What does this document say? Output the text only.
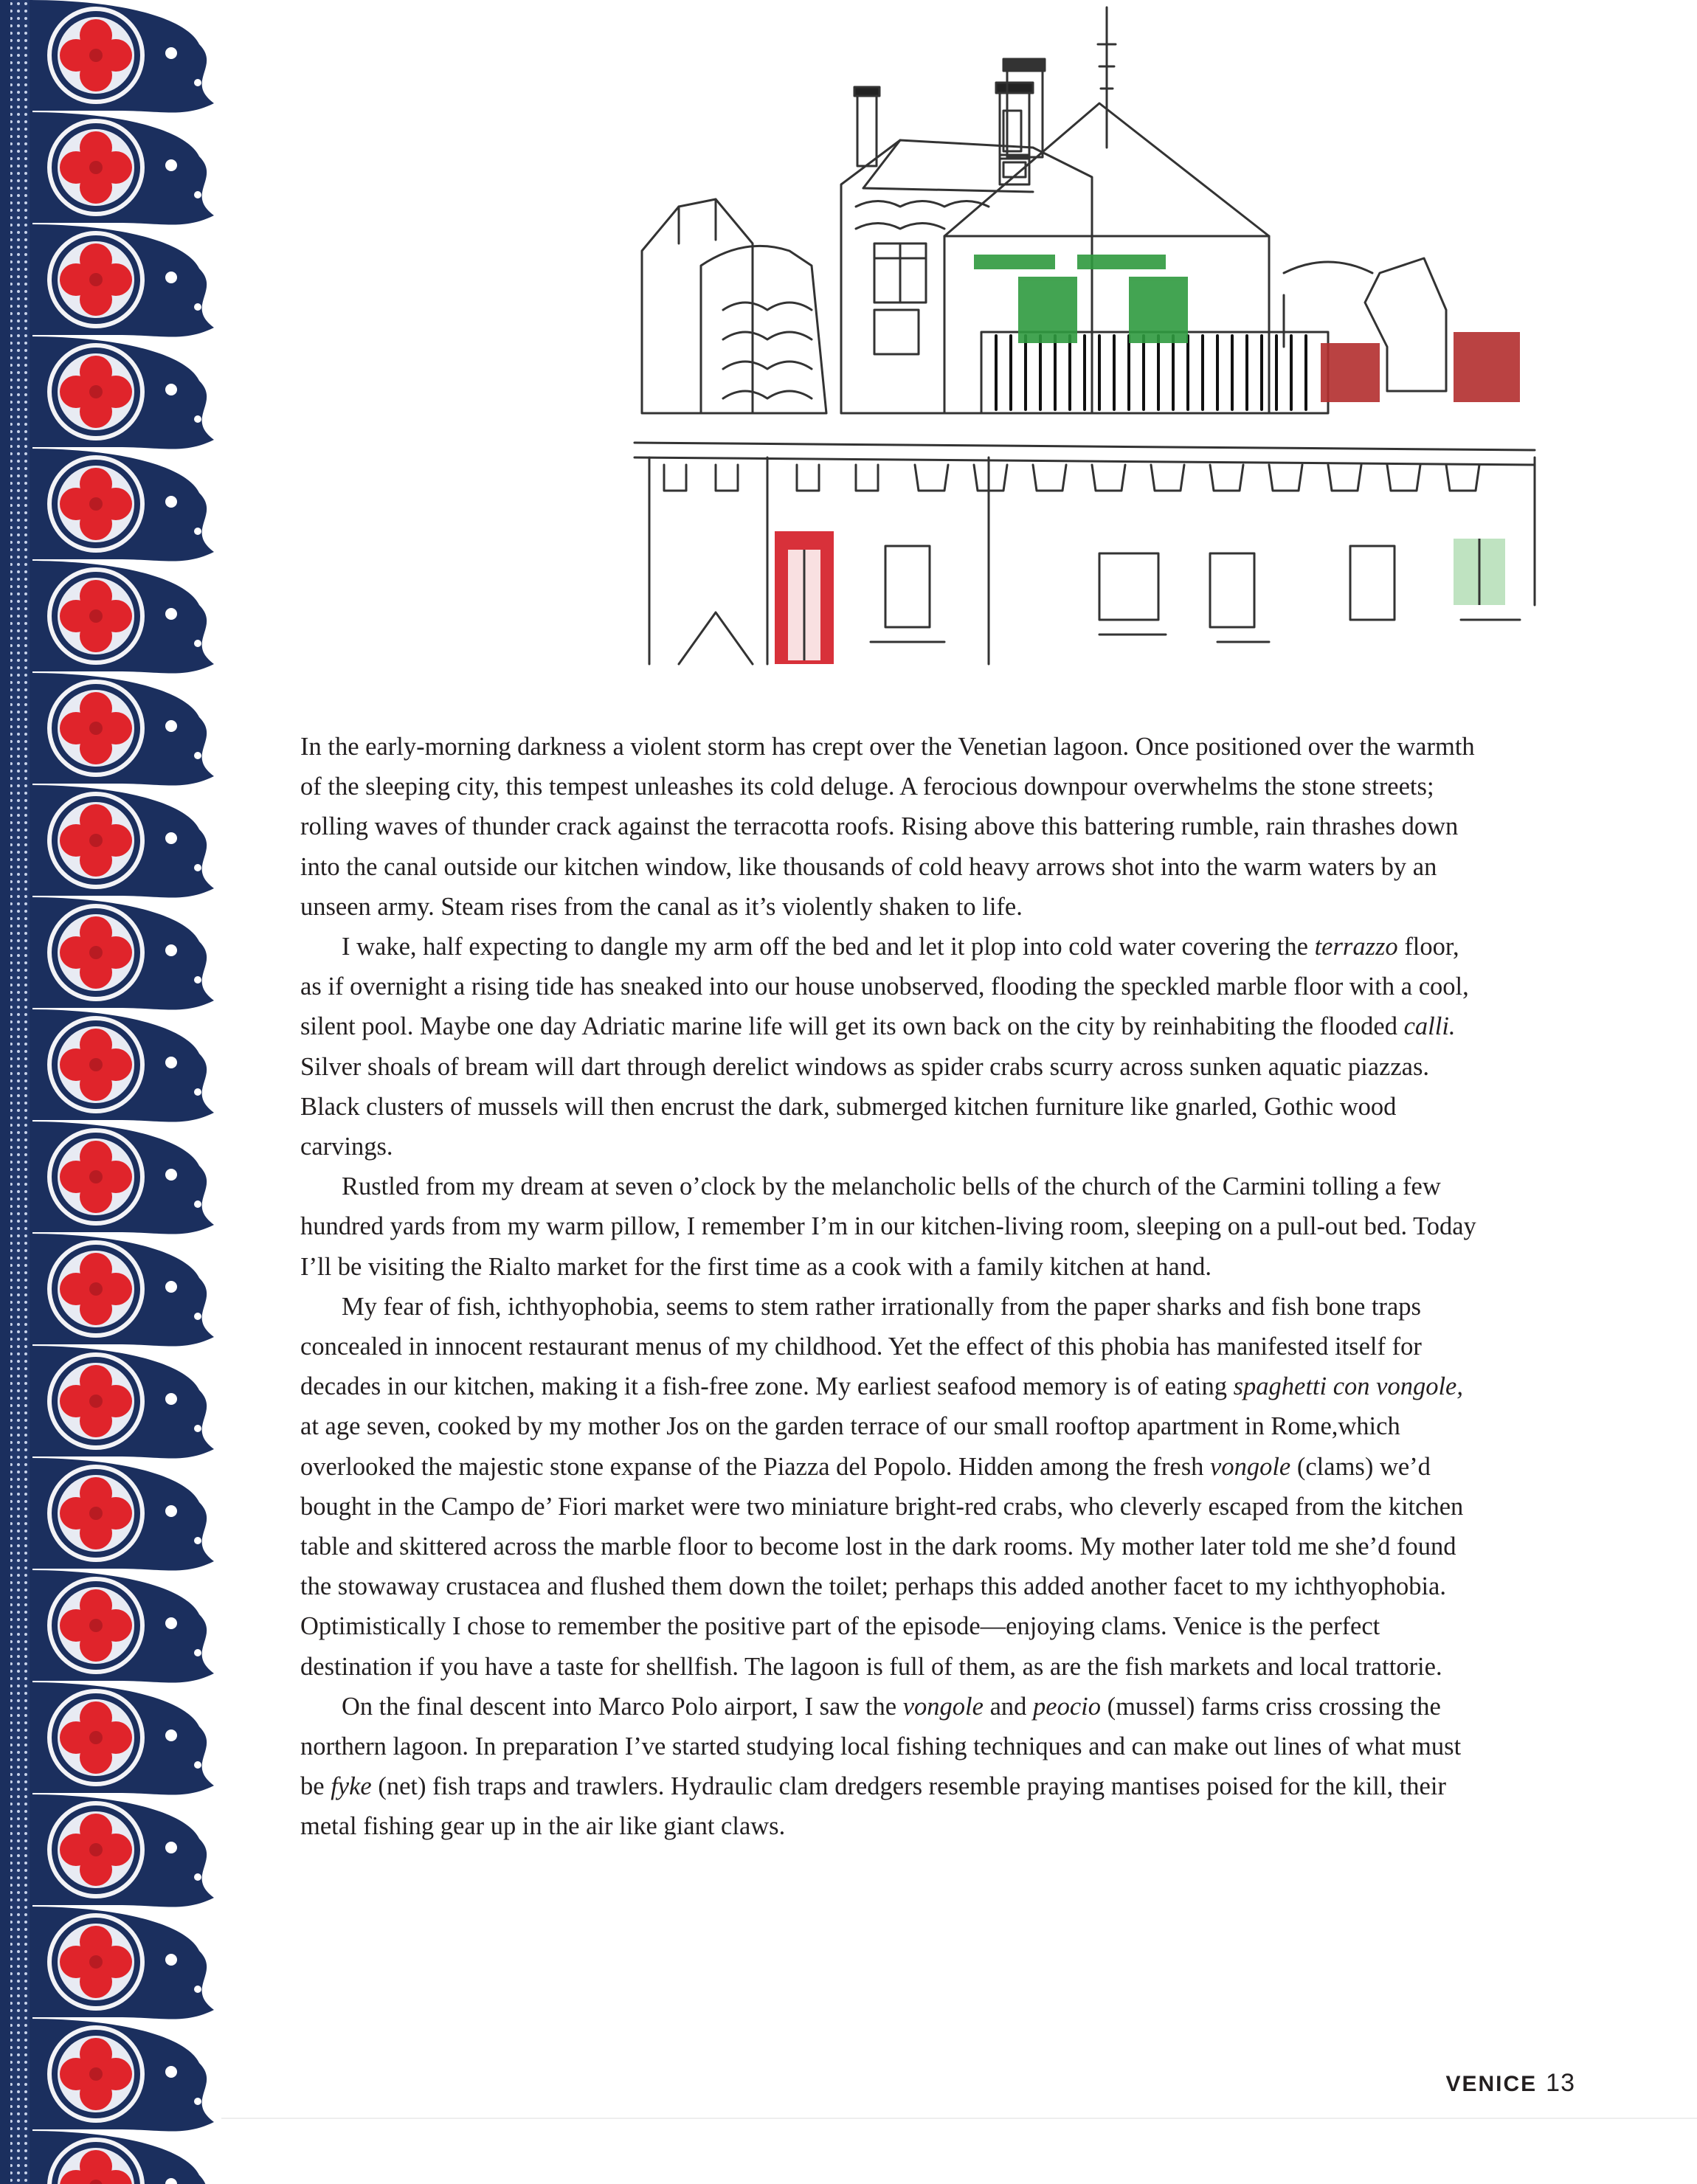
In the early-morning darkness a violent storm has crept over the Venetian lagoon. Once positioned over the warmth of the sleeping city, this tempest unleashes its cold deluge. A ferocious downpour overwhelms the stone streets; rolling waves of thunder crack against the terracotta roofs. Rising above this battering rumble, rain thrashes down into the canal outside our kitchen window, like thousands of cold heavy arrows shot into the warm waters by an unseen army. Steam rises from the canal as it’s violently shaken to life.

I wake, half expecting to dangle my arm off the bed and let it plop into cold water covering the terrazzo floor, as if overnight a rising tide has sneaked into our house unobserved, flooding the speckled marble floor with a cool, silent pool. Maybe one day Adriatic marine life will get its own back on the city by reinhabiting the flooded calli. Silver shoals of bream will dart through derelict windows as spider crabs scurry across sunken aquatic piazzas. Black clusters of mussels will then encrust the dark, submerged kitchen furniture like gnarled, Gothic wood carvings.

Rustled from my dream at seven o’clock by the melancholic bells of the church of the Carmini tolling a few hundred yards from my warm pillow, I remember I’m in our kitchen-living room, sleeping on a pull-out bed. Today I’ll be visiting the Rialto market for the first time as a cook with a family kitchen at hand.

My fear of fish, ichthyophobia, seems to stem rather irrationally from the paper sharks and fish bone traps concealed in innocent restaurant menus of my childhood. Yet the effect of this phobia has manifested itself for decades in our kitchen, making it a fish-free zone. My earliest seafood memory is of eating spaghetti con vongole, at age seven, cooked by my mother Jos on the garden terrace of our small rooftop apartment in Rome,which overlooked the majestic stone expanse of the Piazza del Popolo. Hidden among the fresh vongole (clams) we’d bought in the Campo de’ Fiori market were two miniature bright-red crabs, who cleverly escaped from the kitchen table and skittered across the marble floor to become lost in the dark rooms. My mother later told me she’d found the stowaway crustacea and flushed them down the toilet; perhaps this added another facet to my ichthyophobia. Optimistically I chose to remember the positive part of the episode—enjoying clams. Venice is the perfect destination if you have a taste for shellfish. The lagoon is full of them, as are the fish markets and local trattorie.

On the final descent into Marco Polo airport, I saw the vongole and peocio (mussel) farms criss crossing the northern lagoon. In preparation I’ve started studying local fishing techniques and can make out lines of what must be fyke (net) fish traps and trawlers. Hydraulic clam dredgers resemble praying mantises poised for the kill, their metal fishing gear up in the air like giant claws.

VENICE 13
